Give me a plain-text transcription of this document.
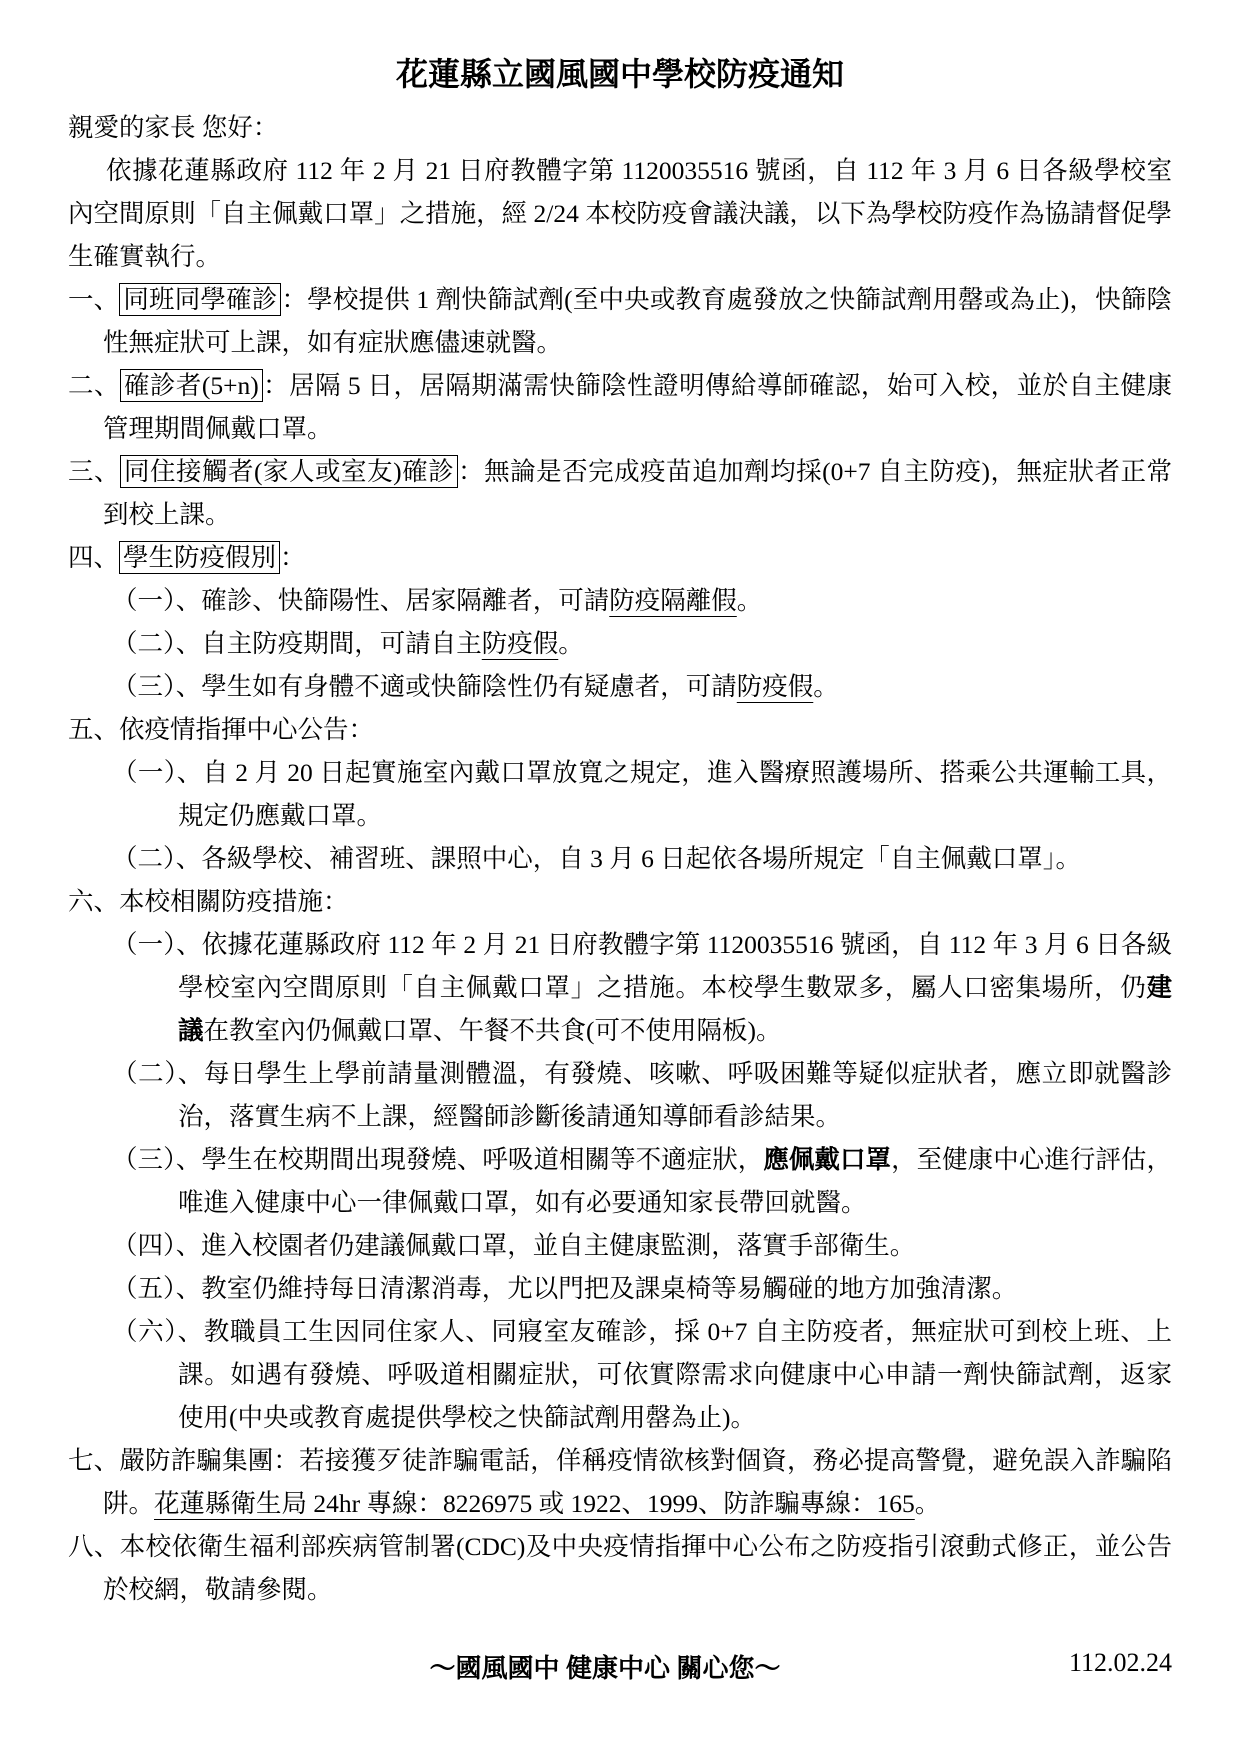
花蓮縣立國風國中學校防疫通知
親愛的家長 您好：
依據花蓮縣政府 112 年 2 月 21 日府教體字第 1120035516 號函，自 112 年 3 月 6 日各級學校室內空間原則「自主佩戴口罩」之措施，經 2/24 本校防疫會議決議，以下為學校防疫作為協請督促學生確實執行。
一、 同班同學確診 ：學校提供 1 劑快篩試劑(至中央或教育處發放之快篩試劑用罄或為止)，快篩陰性無症狀可上課，如有症狀應儘速就醫。
二、 確診者(5+n) ：居隔 5 日，居隔期滿需快篩陰性證明傳給導師確認，始可入校，並於自主健康管理期間佩戴口罩。
三、 同住接觸者(家人或室友)確診 ：無論是否完成疫苗追加劑均採(0+7 自主防疫)，無症狀者正常到校上課。
四、 學生防疫假別 ：
（一）、確診、快篩陽性、居家隔離者，可請防疫隔離假。
（二）、自主防疫期間，可請自主防疫假。
（三）、學生如有身體不適或快篩陰性仍有疑慮者，可請防疫假。
五、依疫情指揮中心公告：
（一）、自 2 月 20 日起實施室內戴口罩放寬之規定，進入醫療照護場所、搭乘公共運輸工具，規定仍應戴口罩。
（二）、各級學校、補習班、課照中心，自 3 月 6 日起依各場所規定「自主佩戴口罩」。
六、本校相關防疫措施：
（一）、依據花蓮縣政府 112 年 2 月 21 日府教體字第 1120035516 號函，自 112 年 3 月 6 日各級學校室內空間原則「自主佩戴口罩」之措施。本校學生數眾多，屬人口密集場所，仍建議在教室內仍佩戴口罩、午餐不共食(可不使用隔板)。
（二）、每日學生上學前請量測體溫，有發燒、咳嗽、呼吸困難等疑似症狀者，應立即就醫診治，落實生病不上課，經醫師診斷後請通知導師看診結果。
（三）、學生在校期間出現發燒、呼吸道相關等不適症狀，應佩戴口罩，至健康中心進行評估，唯進入健康中心一律佩戴口罩，如有必要通知家長帶回就醫。
（四）、進入校園者仍建議佩戴口罩，並自主健康監測，落實手部衛生。
（五）、教室仍維持每日清潔消毒，尤以門把及課桌椅等易觸碰的地方加強清潔。
（六）、教職員工生因同住家人、同寢室友確診，採 0+7 自主防疫者，無症狀可到校上班、上課。如遇有發燒、呼吸道相關症狀，可依實際需求向健康中心申請一劑快篩試劑，返家使用(中央或教育處提供學校之快篩試劑用罄為止)。
七、嚴防詐騙集團：若接獲歹徒詐騙電話，佯稱疫情欲核對個資，務必提高警覺，避免誤入詐騙陷阱。花蓮縣衛生局 24hr 專線：8226975 或 1922、1999、防詐騙專線：165。
八、本校依衛生福利部疾病管制署(CDC)及中央疫情指揮中心公布之防疫指引滾動式修正，並公告於校網，敬請參閱。
～國風國中 健康中心 關心您～	112.02.24
